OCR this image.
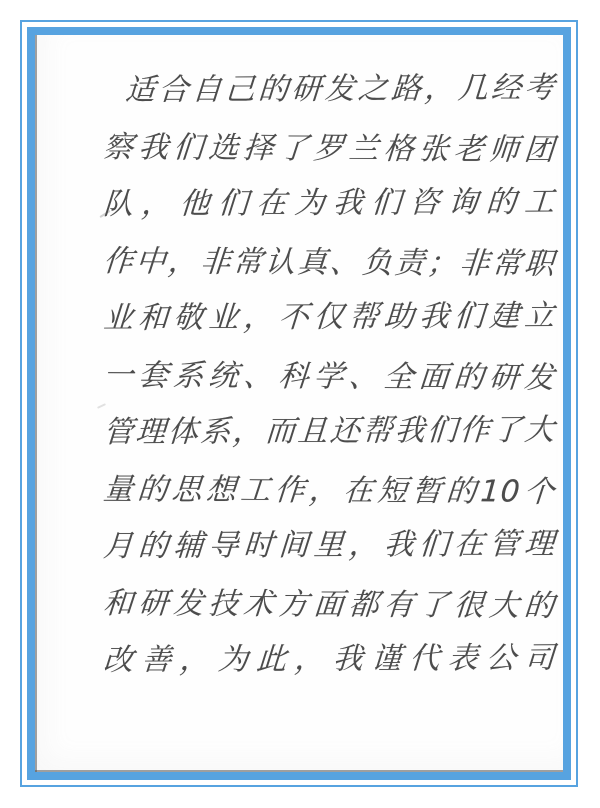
适合自己的研发之路，几经考
察我们选择了罗兰格张老师团
队，他们在为我们咨询的工
作中，非常认真、负责；非常职
业和敬业，不仅帮助我们建立
一套系统、科学、全面的研发
管理体系，而且还帮我们作了大
量的思想工作，在短暂的10个
月的辅导时间里，我们在管理
和研发技术方面都有了很大的
改善，为此，我谨代表公司
